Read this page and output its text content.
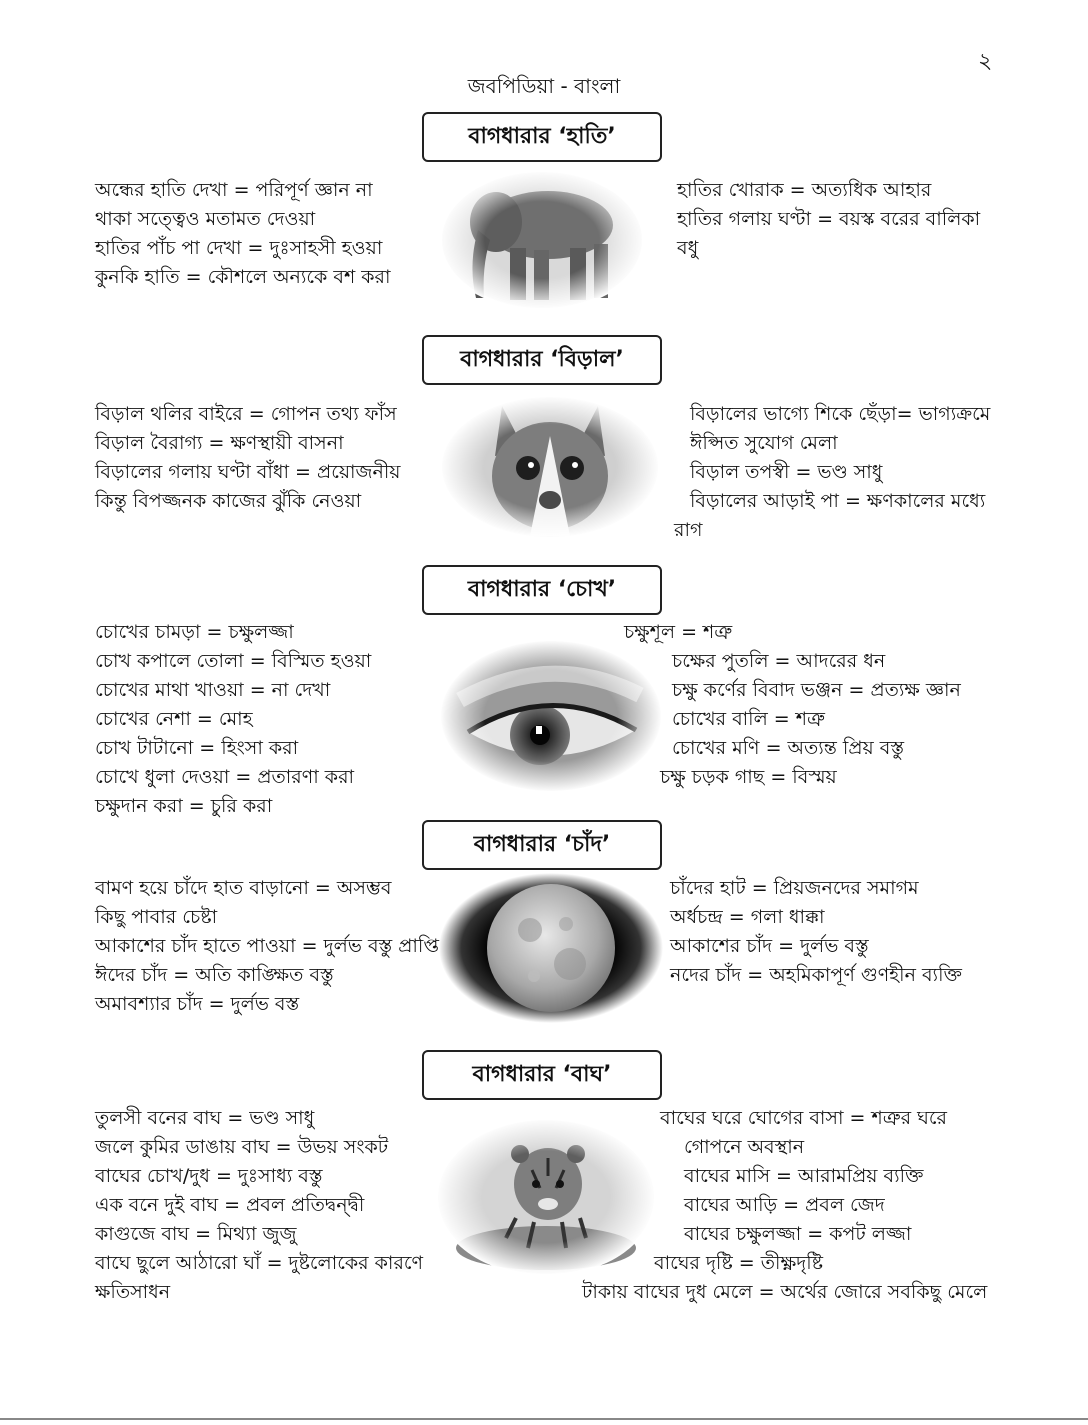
২
জবপিডিয়া - বাংলা
বাগধারার ‘হাতি’
অন্ধের হাতি দেখা = পরিপূর্ণ জ্ঞান না
থাকা সত্ত্বেও মতামত দেওয়া
হাতির পাঁচ পা দেখা = দুঃসাহসী হওয়া
কুনকি হাতি = কৌশলে অন্যকে বশ করা
হাতির খোরাক = অত্যধিক আহার
হাতির গলায় ঘণ্টা = বয়স্ক বরের বালিকা
বধু
বাগধারার ‘বিড়াল’
বিড়াল থলির বাইরে = গোপন তথ্য ফাঁস
বিড়াল বৈরাগ্য = ক্ষণস্থায়ী বাসনা
বিড়ালের গলায় ঘণ্টা বাঁধা = প্রয়োজনীয়
কিন্তু বিপজ্জনক কাজের ঝুঁকি নেওয়া
বিড়ালের ভাগ্যে শিকে ছেঁড়া= ভাগ্যক্রমে
ঈপ্সিত সুযোগ মেলা
বিড়াল তপস্বী = ভণ্ড সাধু
বিড়ালের আড়াই পা = ক্ষণকালের মধ্যে
রাগ
বাগধারার ‘চোখ’
চোখের চামড়া = চক্ষুলজ্জা
চোখ কপালে তোলা = বিস্মিত হওয়া
চোখের মাথা খাওয়া = না দেখা
চোখের নেশা = মোহ
চোখ টাটানো = হিংসা করা
চোখে ধুলা দেওয়া = প্রতারণা করা
চক্ষুদান করা = চুরি করা
চক্ষুশূল = শত্রু
চক্ষের পুতলি = আদরের ধন
চক্ষু কর্ণের বিবাদ ভঞ্জন = প্রত্যক্ষ জ্ঞান
চোখের বালি = শত্রু
চোখের মণি = অত্যন্ত প্রিয় বস্তু
চক্ষু চড়ক গাছ = বিস্ময়
বাগধারার ‘চাঁদ’
বামণ হয়ে চাঁদে হাত বাড়ানো = অসম্ভব
কিছু পাবার চেষ্টা
আকাশের চাঁদ হাতে পাওয়া = দুর্লভ বস্তু প্রাপ্তি
ঈদের চাঁদ = অতি কাঙ্ক্ষিত বস্তু
অমাবশ্যার চাঁদ = দুর্লভ বস্ত
চাঁদের হাট = প্রিয়জনদের সমাগম
অর্ধচন্দ্র = গলা ধাক্কা
আকাশের চাঁদ = দুর্লভ বস্তু
নদের চাঁদ = অহমিকাপূর্ণ গুণহীন ব্যক্তি
বাগধারার ‘বাঘ’
তুলসী বনের বাঘ = ভণ্ড সাধু
জলে কুমির ডাঙায় বাঘ = উভয় সংকট
বাঘের চোখ/দুধ = দুঃসাধ্য বস্তু
এক বনে দুই বাঘ = প্রবল প্রতিদ্বন্দ্বী
কাগুজে বাঘ = মিথ্যা জুজু
বাঘে ছুলে আঠারো ঘাঁ = দুষ্টলোকের কারণে
ক্ষতিসাধন
বাঘের ঘরে ঘোগের বাসা = শত্রুর ঘরে
গোপনে অবস্থান
বাঘের মাসি = আরামপ্রিয় ব্যক্তি
বাঘের আড়ি = প্রবল জেদ
বাঘের চক্ষুলজ্জা = কপট লজ্জা
বাঘের দৃষ্টি = তীক্ষ্ণদৃষ্টি
টাকায় বাঘের দুধ মেলে = অর্থের জোরে সবকিছু মেলে
